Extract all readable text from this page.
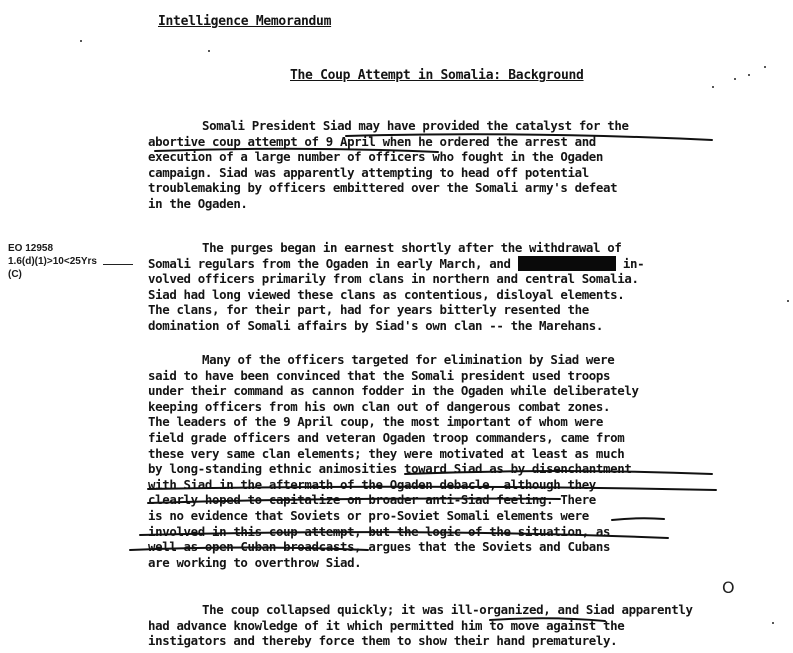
Intelligence Memorandum
The Coup Attempt in Somalia: Background
EO 12958
1.6(d)(1)>10<25Yrs
(C)
Somali President Siad may have provided the catalyst for the
abortive coup attempt of 9 April when he ordered the arrest and
execution of a large number of officers who fought in the Ogaden
campaign. Siad was apparently attempting to head off potential
troublemaking by officers embittered over the Somali army's defeat
in the Ogaden.
The purges began in earnest shortly after the withdrawal of
Somali regulars from the Ogaden in early March, and	in-
volved officers primarily from clans in northern and central Somalia.
Siad had long viewed these clans as contentious, disloyal elements.
The clans, for their part, had for years bitterly resented the
domination of Somali affairs by Siad's own clan -- the Marehans.
Many of the officers targeted for elimination by Siad were
said to have been convinced that the Somali president used troops
under their command as cannon fodder in the Ogaden while deliberately
keeping officers from his own clan out of dangerous combat zones.
The leaders of the 9 April coup, the most important of whom were
field grade officers and veteran Ogaden troop commanders, came from
these very same clan elements; they were motivated at least as much
by long-standing ethnic animosities toward Siad as by disenchantment
with Siad in the aftermath of the Ogaden debacle, although they
clearly hoped to capitalize on broader anti-Siad feeling. There
is no evidence that Soviets or pro-Soviet Somali elements were
involved in this coup attempt, but the logic of the situation, as
well as open Cuban broadcasts, argues that the Soviets and Cubans
are working to overthrow Siad.
The coup collapsed quickly; it was ill-organized, and Siad apparently
had advance knowledge of it which permitted him to move against the
instigators and thereby force them to show their hand prematurely.
O
